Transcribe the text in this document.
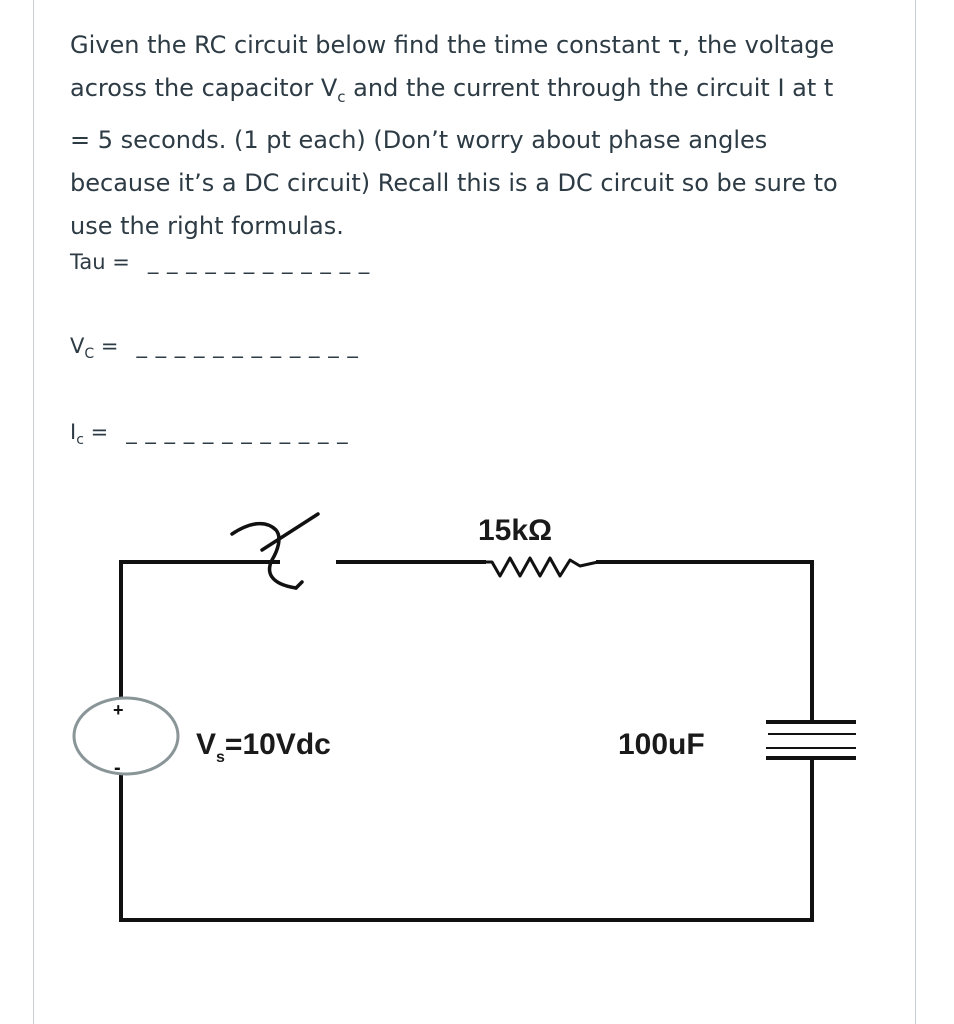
Given the RC circuit below find the time constant τ, the voltage
across the capacitor $V_c$ and the current through the circuit I at t
= 5 seconds. (1 pt each) (Don’t worry about phase angles
because it’s a DC circuit) Recall this is a DC circuit so be sure to
use the right formulas.
Tau = _ _ _ _ _ _ _ _ _ _ _ _
$V_C$ = _ _ _ _ _ _ _ _ _ _ _ _
$I_c$ = _ _ _ _ _ _ _ _ _ _ _ _
15kΩ
100uF
+
-
$V_s=10Vdc$
